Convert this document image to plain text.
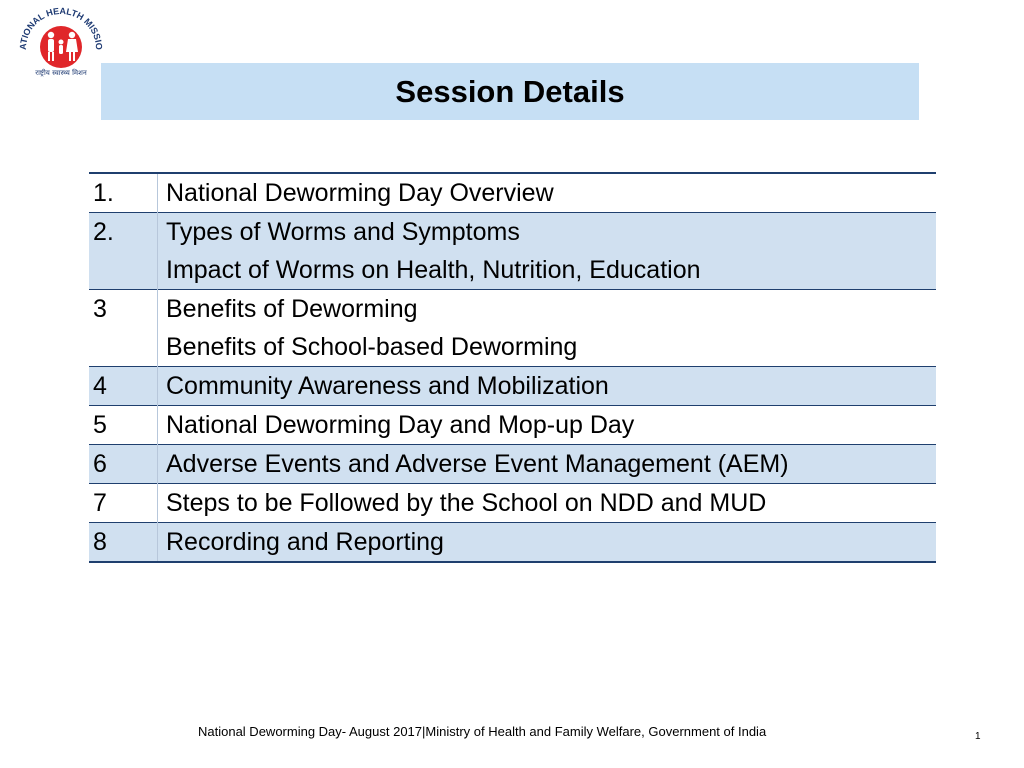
ATIONAL HEALTH MISSIO
राष्ट्रीय स्वास्थ्य मिशन
Session Details
1.	National Deworming Day Overview
2.	Types of Worms and Symptoms
	Impact of Worms on Health, Nutrition, Education
3	Benefits of Deworming
	Benefits of School-based Deworming
4	Community Awareness and Mobilization
5	National Deworming Day and Mop-up Day
6	Adverse Events and Adverse Event Management (AEM)
7	Steps to be Followed by the School on NDD and MUD
8	Recording and Reporting
National Deworming Day- August 2017|Ministry of Health and Family Welfare, Government of India	1
